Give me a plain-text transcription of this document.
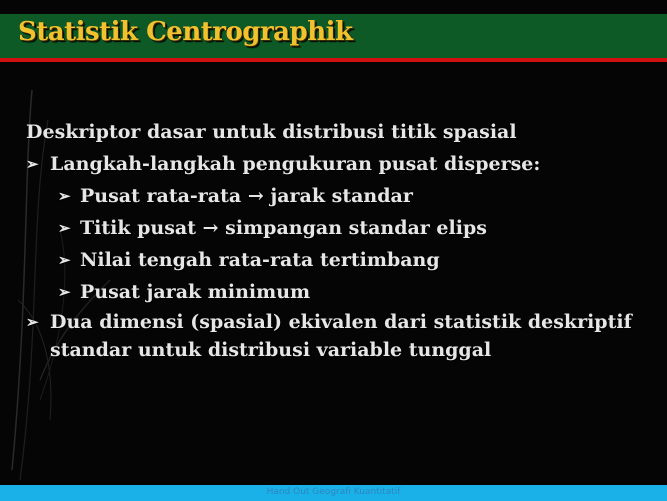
Statistik Centrographik
Deskriptor dasar untuk distribusi titik spasial
➢ Langkah-langkah pengukuran pusat disperse:
➢ Pusat rata-rata → jarak standar
➢ Titik pusat → simpangan standar elips
➢ Nilai tengah rata-rata tertimbang
➢ Pusat jarak minimum
➢ Dua dimensi (spasial) ekivalen dari statistik deskriptif standar untuk distribusi variable tunggal
Hand Out Geografi Kuantitatif
